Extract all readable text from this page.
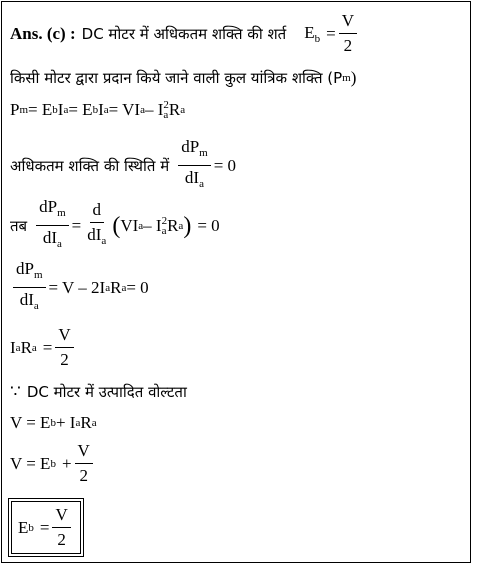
Ans. (c) : DC मोटर में अधिकतम शक्ति की शर्त $E_b = \frac{V}{2}$
किसी मोटर द्वारा प्रदान किये जाने वाली कुल यांत्रिक शक्ति (P m )
P m = E b I a = E b I a = VI a – I 2
a R a
अधिकतम शक्ति की स्थिति में $\frac{dP_m}{dI_a} = 0$
तब $\frac{dP_m}{dI_a} = \frac{d}{dI_a}$ ( VI a – I 2
a R a ) = 0
$\frac{dP_m}{dI_a} = V - 2I$ a R a = 0
I a R $a = \frac{V}{2}$
∵ DC मोटर में उत्पादित वोल्टता
V = E b + I a R a
V = E $b + \frac{V}{2}$
E $b = \frac{V}{2}$
